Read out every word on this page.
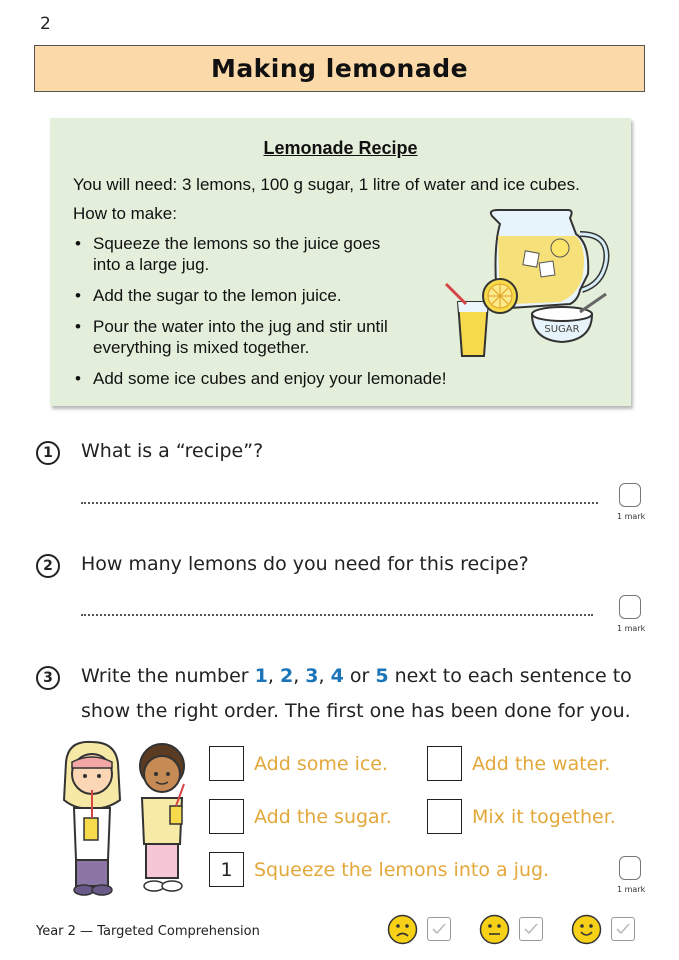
2
Making lemonade
Lemonade Recipe
You will need: 3 lemons, 100 g sugar, 1 litre of water and ice cubes.
How to make:
• Squeeze the lemons so the juice goes
into a large jug.
• Add the sugar to the lemon juice.
• Pour the water into the jug and stir until
everything is mixed together.
• Add some ice cubes and enjoy your lemonade!
SUGAR
1	What is a “recipe”?
1 mark
2	How many lemons do you need for this recipe?
1 mark
3	Write the number 1, 2, 3, 4 or 5 next to each sentence to
show the right order. The first one has been done for you.
Add some ice.	Add the water.
Add the sugar.	Mix it together.
1	Squeeze the lemons into a jug.
1 mark
Year 2 — Targeted Comprehension
